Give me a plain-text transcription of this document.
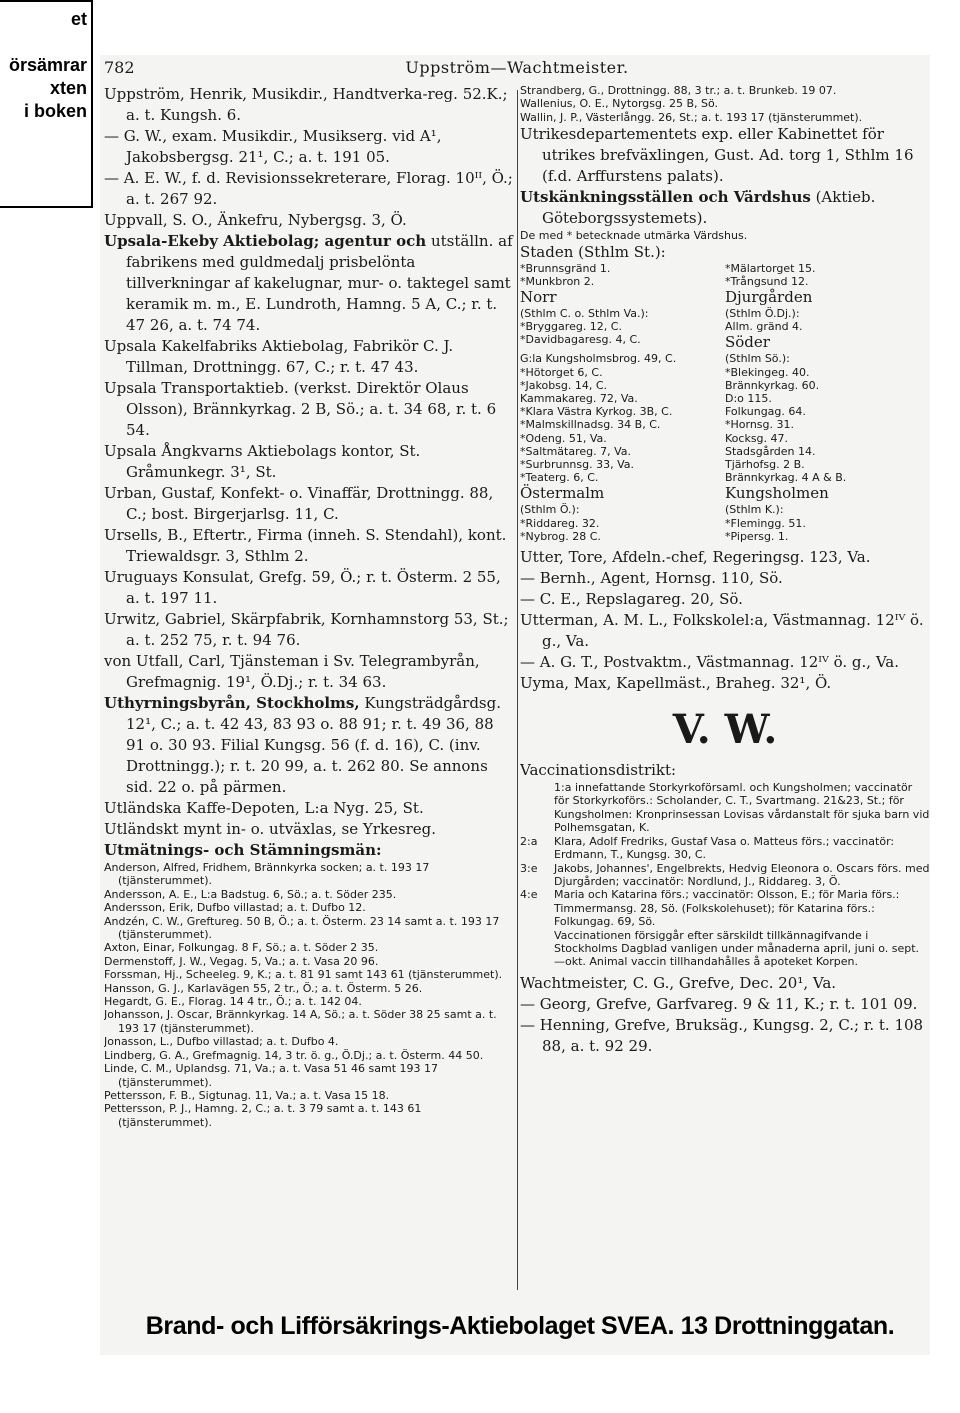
et
örsämrar
xten
i boken
782	Uppström—Wachtmeister.

Uppström, Henrik, Musikdir., Handtverka-reg. 52.K.; a. t. Kungsh. 6.

— G. W., exam. Musikdir., Musikserg. vid A¹, Jakobsbergsg. 21¹, C.; a. t. 191 05.

— A. E. W., f. d. Revisionssekreterare, Florag. 10ᴵᴵ, Ö.; a. t. 267 92.

Uppvall, S. O., Änkefru, Nybergsg. 3, Ö.

Upsala-Ekeby Aktiebolag; agentur och utställn. af fabrikens med guldmedalj prisbelönta tillverkningar af kakelugnar, mur- o. taktegel samt keramik m. m., E. Lundroth, Hamng. 5 A, C.; r. t. 47 26, a. t. 74 74.

Upsala Kakelfabriks Aktiebolag, Fabrikör C. J. Tillman, Drottningg. 67, C.; r. t. 47 43.

Upsala Transportaktieb. (verkst. Direktör Olaus Olsson), Brännkyrkag. 2 B, Sö.; a. t. 34 68, r. t. 6 54.

Upsala Ångkvarns Aktiebolags kontor, St. Gråmunkegr. 3¹, St.

Urban, Gustaf, Konfekt- o. Vinaffär, Drottningg. 88, C.; bost. Birgerjarlsg. 11, C.

Ursells, B., Eftertr., Firma (inneh. S. Stendahl), kont. Triewaldsgr. 3, Sthlm 2.

Uruguays Konsulat, Grefg. 59, Ö.; r. t. Österm. 2 55, a. t. 197 11.

Urwitz, Gabriel, Skärpfabrik, Kornhamnstorg 53, St.; a. t. 252 75, r. t. 94 76.

von Utfall, Carl, Tjänsteman i Sv. Telegrambyrån, Grefmagnig. 19¹, Ö.Dj.; r. t. 34 63.

Uthyrningsbyrån, Stockholms, Kungsträdgårdsg. 12¹, C.; a. t. 42 43, 83 93 o. 88 91; r. t. 49 36, 88 91 o. 30 93. Filial Kungsg. 56 (f. d. 16), C. (inv. Drottningg.); r. t. 20 99, a. t. 262 80. Se annons sid. 22 o. på pärmen.

Utländska Kaffe-Depoten, L:a Nyg. 25, St.

Utländskt mynt in- o. utväxlas, se Yrkesreg.

Utmätnings- och Stämningsmän:

Anderson, Alfred, Fridhem, Brännkyrka socken; a. t. 193 17 (tjänsterummet).

Andersson, A. E., L:a Badstug. 6, Sö.; a. t. Söder 235.

Andersson, Erik, Dufbo villastad; a. t. Dufbo 12.

Andzén, C. W., Greftureg. 50 B, Ö.; a. t. Österm. 23 14 samt a. t. 193 17 (tjänsterummet).

Axton, Einar, Folkungag. 8 F, Sö.; a. t. Söder 2 35.

Dermenstoff, J. W., Vegag. 5, Va.; a. t. Vasa 20 96.

Forssman, Hj., Scheeleg. 9, K.; a. t. 81 91 samt 143 61 (tjänsterummet).

Hansson, G. J., Karlavägen 55, 2 tr., Ö.; a. t. Österm. 5 26.

Hegardt, G. E., Florag. 14 4 tr., Ö.; a. t. 142 04.

Johansson, J. Oscar, Brännkyrkag. 14 A, Sö.; a. t. Söder 38 25 samt a. t. 193 17 (tjänsterummet).

Jonasson, L., Dufbo villastad; a. t. Dufbo 4.

Lindberg, G. A., Grefmagnig. 14, 3 tr. ö. g., Ö.Dj.; a. t. Österm. 44 50.

Linde, C. M., Uplandsg. 71, Va.; a. t. Vasa 51 46 samt 193 17 (tjänsterummet).

Pettersson, F. B., Sigtunag. 11, Va.; a. t. Vasa 15 18.

Pettersson, P. J., Hamng. 2, C.; a. t. 3 79 samt a. t. 143 61 (tjänsterummet).

Strandberg, G., Drottningg. 88, 3 tr.; a. t. Brunkeb. 19 07.

Wallenius, O. E., Nytorgsg. 25 B, Sö.

Wallin, J. P., Västerlångg. 26, St.; a. t. 193 17 (tjänsterummet).

Utrikesdepartementets exp. eller Kabinettet för utrikes brefväxlingen, Gust. Ad. torg 1, Sthlm 16 (f.d. Arffurstens palats).

Utskänkningsställen och Värdshus (Aktieb. Göteborgssystemets).

De med * betecknade utmärka Värdshus.

Staden (Sthlm St.):	
*Brunnsgränd 1.	*Mälartorget 15.
*Munkbron 2.	*Trångsund 12.
Norr	Djurgården
(Sthlm C. o. Sthlm Va.):	(Sthlm Ö.Dj.):
*Bryggareg. 12, C.	Allm. gränd 4.
*Davidbagaresg. 4, C.	Söder
G:la Kungsholmsbrog. 49, C.	(Sthlm Sö.):
*Hötorget 6, C.	*Blekingeg. 40.
*Jakobsg. 14, C.	Brännkyrkag. 60.
Kammakareg. 72, Va.	D:o 115.
*Klara Västra Kyrkog. 3B, C.	Folkungag. 64.
*Malmskillnadsg. 34 B, C.	*Hornsg. 31.
*Odeng. 51, Va.	Kocksg. 47.
*Saltmätareg. 7, Va.	Stadsgården 14.
*Surbrunnsg. 33, Va.	Tjärhofsg. 2 B.
*Teaterg. 6, C.	Brännkyrkag. 4 A & B.
Östermalm	Kungsholmen
(Sthlm Ö.):	(Sthlm K.):
*Riddareg. 32.	*Flemingg. 51.
*Nybrog. 28 C.	*Pipersg. 1.

Utter, Tore, Afdeln.-chef, Regeringsg. 123, Va.

— Bernh., Agent, Hornsg. 110, Sö.

— C. E., Repslagareg. 20, Sö.

Utterman, A. M. L., Folkskolel:a, Västmannag. 12ᴵⱽ ö. g., Va.

— A. G. T., Postvaktm., Västmannag. 12ᴵⱽ ö. g., Va.

Uyma, Max, Kapellmäst., Braheg. 32¹, Ö.

V. W.

Vaccinationsdistrikt:

1:a innefattande Storkyrkoförsaml. och Kungsholmen; vaccinatör för Storkyrkoförs.: Scholander, C. T., Svartmang. 21&23, St.; för Kungsholmen: Kronprinsessan Lovisas vårdanstalt för sjuka barn vid Polhemsgatan, K.
2:a	Klara, Adolf Fredriks, Gustaf Vasa o. Matteus förs.; vaccinatör: Erdmann, T., Kungsg. 30, C.
3:e	Jakobs, Johannes', Engelbrekts, Hedvig Eleonora o. Oscars förs. med Djurgården; vaccinatör: Nordlund, J., Riddareg. 3, Ö.
4:e	Maria och Katarina förs.; vaccinatör: Olsson, E.; för Maria förs.: Timmermansg. 28, Sö. (Folkskolehuset); för Katarina förs.: Folkungag. 69, Sö.
Vaccinationen försiggår efter särskildt tillkännagifvande i Stockholms Dagblad vanligen under månaderna april, juni o. sept.—okt. Animal vaccin tillhandahålles å apoteket Korpen.

Wachtmeister, C. G., Grefve, Dec. 20¹, Va.

— Georg, Grefve, Garfvareg. 9 & 11, K.; r. t. 101 09.

— Henning, Grefve, Bruksäg., Kungsg. 2, C.; r. t. 108 88, a. t. 92 29.

Brand- och Lifförsäkrings-Aktiebolaget SVEA. 13 Drottninggatan.
